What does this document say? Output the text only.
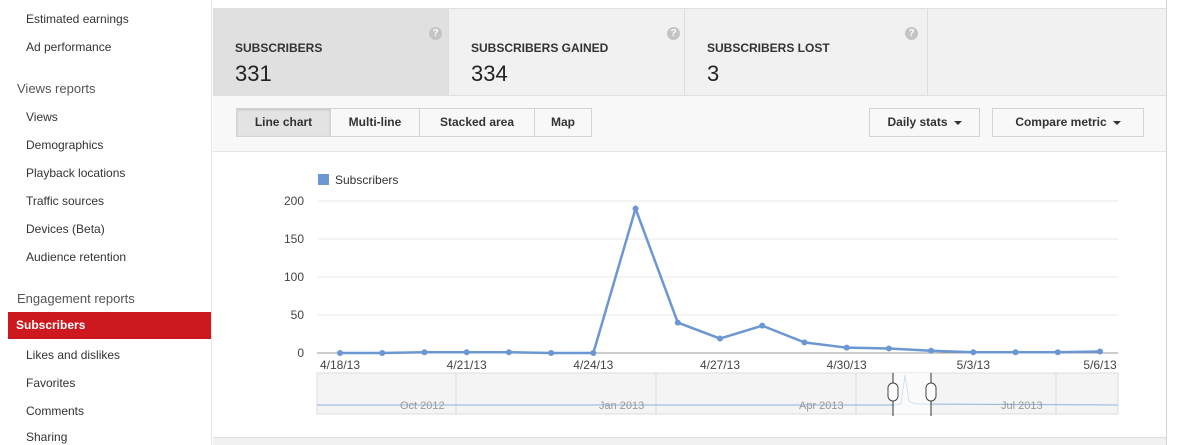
Estimated earnings
Ad performance
Views reports
Views
Demographics
Playback locations
Traffic sources
Devices (Beta)
Audience retention
Engagement reports
Subscribers
Likes and dislikes
Favorites
Comments
Sharing
SUBSCRIBERS
331
?
SUBSCRIBERS GAINED
334
?
SUBSCRIBERS LOST
3
?
Line chart	Multi-line	Stacked area	Map	Daily stats	Compare metric
0
50
100
150
200
4/18/13	4/21/13	4/24/13	4/27/13	4/30/13	5/3/13	5/6/13
Subscribers
Oct 2012	Jan 2013	Apr 2013	Jul 2013
